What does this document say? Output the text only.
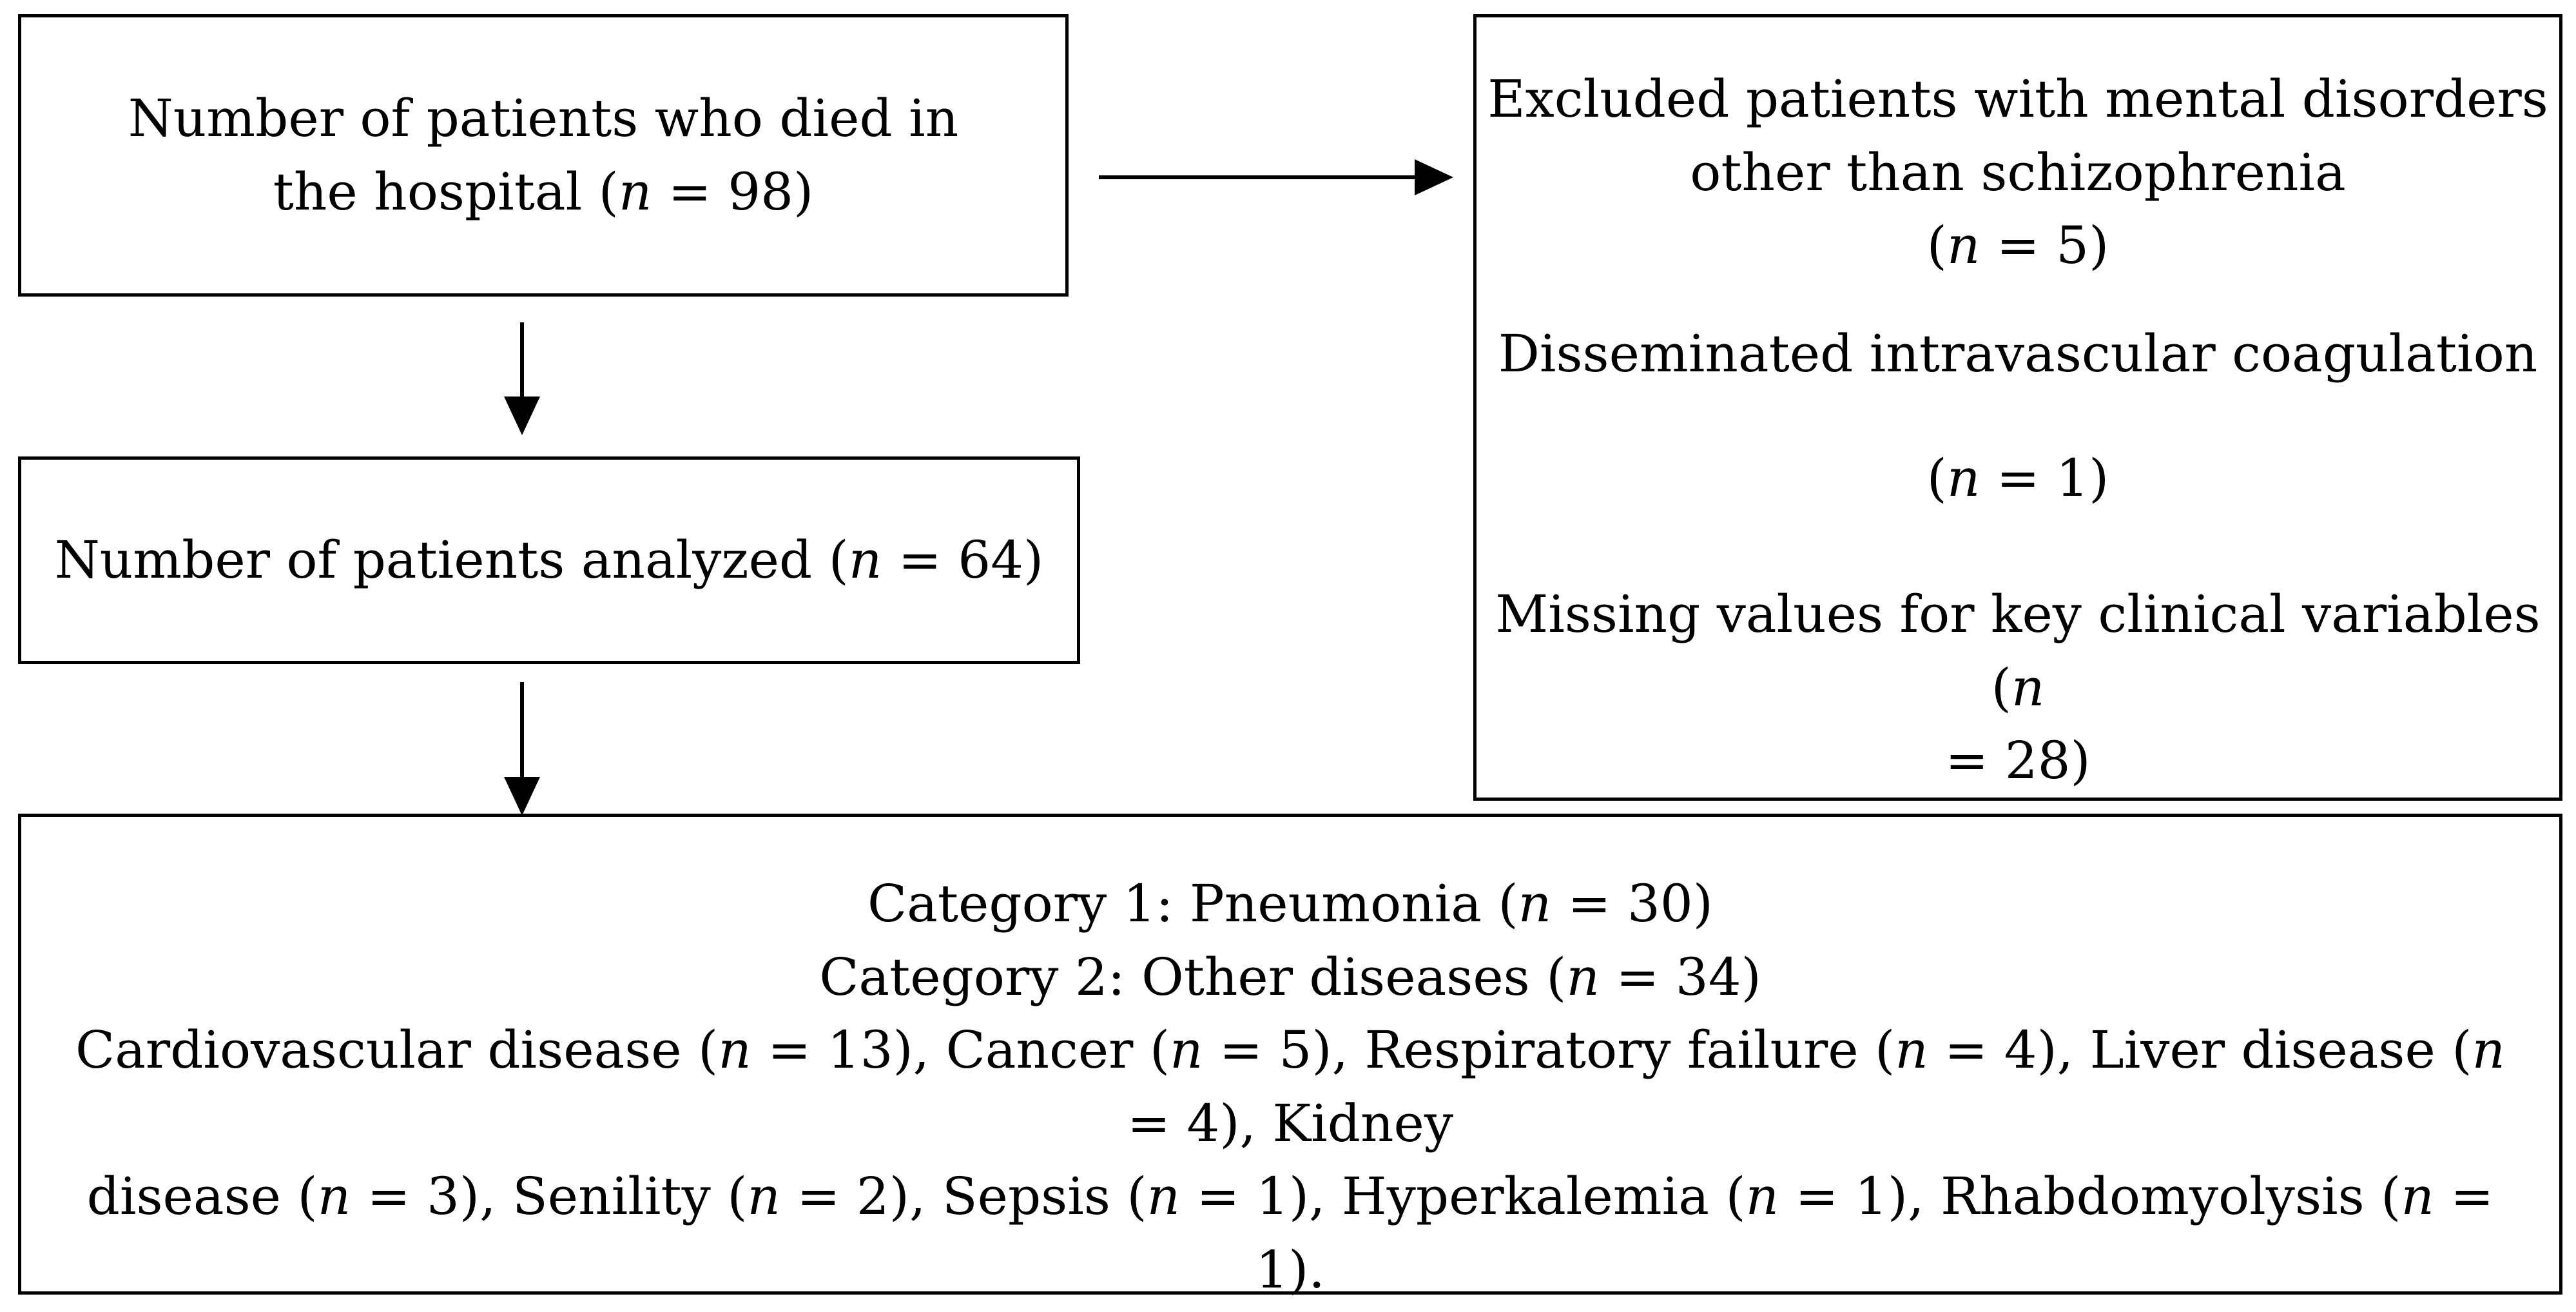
Number of patients who died in

the hospital (n = 98)

Number of patients analyzed (n = 64)

Excluded patients with mental disorders
other than schizophrenia
(n = 5)
Disseminated intravascular coagulation
(n = 1)
Missing values for key clinical variables (n
= 28)

Category 1: Pneumonia (n = 30)

Category 2: Other diseases (n = 34)

Cardiovascular disease (n = 13), Cancer (n = 5), Respiratory failure (n = 4), Liver disease (n = 4), Kidney

disease (n = 3), Senility (n = 2), Sepsis (n = 1), Hyperkalemia (n = 1), Rhabdomyolysis (n = 1).
